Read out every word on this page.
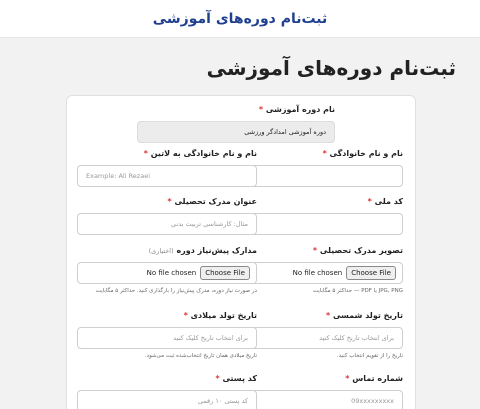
ثبت‌نام دوره‌های آموزشی
ثبت‌نام دوره‌های آموزشی
نام دوره آموزشی *
دوره آموزشی امدادگر ورزشی
نام و نام خانوادگی *
نام و نام خانوادگی به لاتین *
Example: Ali Rezaei
کد ملی *
عنوان مدرک تحصیلی *
مثال: کارشناسی تربیت بدنی
تصویر مدرک تحصیلی *
No file chosen	Choose File
JPG, PNG یا PDF — حداکثر ۵ مگابایت
مدارک پیش‌نیاز دوره (اختیاری)
No file chosen	Choose File
در صورت نیاز دوره، مدرک پیش‌نیاز را بارگذاری کنید. حداکثر ۵ مگابایت
تاریخ تولد شمسی *
برای انتخاب تاریخ کلیک کنید
تاریخ را از تقویم انتخاب کنید.
تاریخ تولد میلادی *
برای انتخاب تاریخ کلیک کنید
تاریخ میلادی همان تاریخ انتخاب‌شده ثبت می‌شود.
شماره تماس *
09xxxxxxxxx
کد پستی *
کد پستی ۱۰ رقمی
